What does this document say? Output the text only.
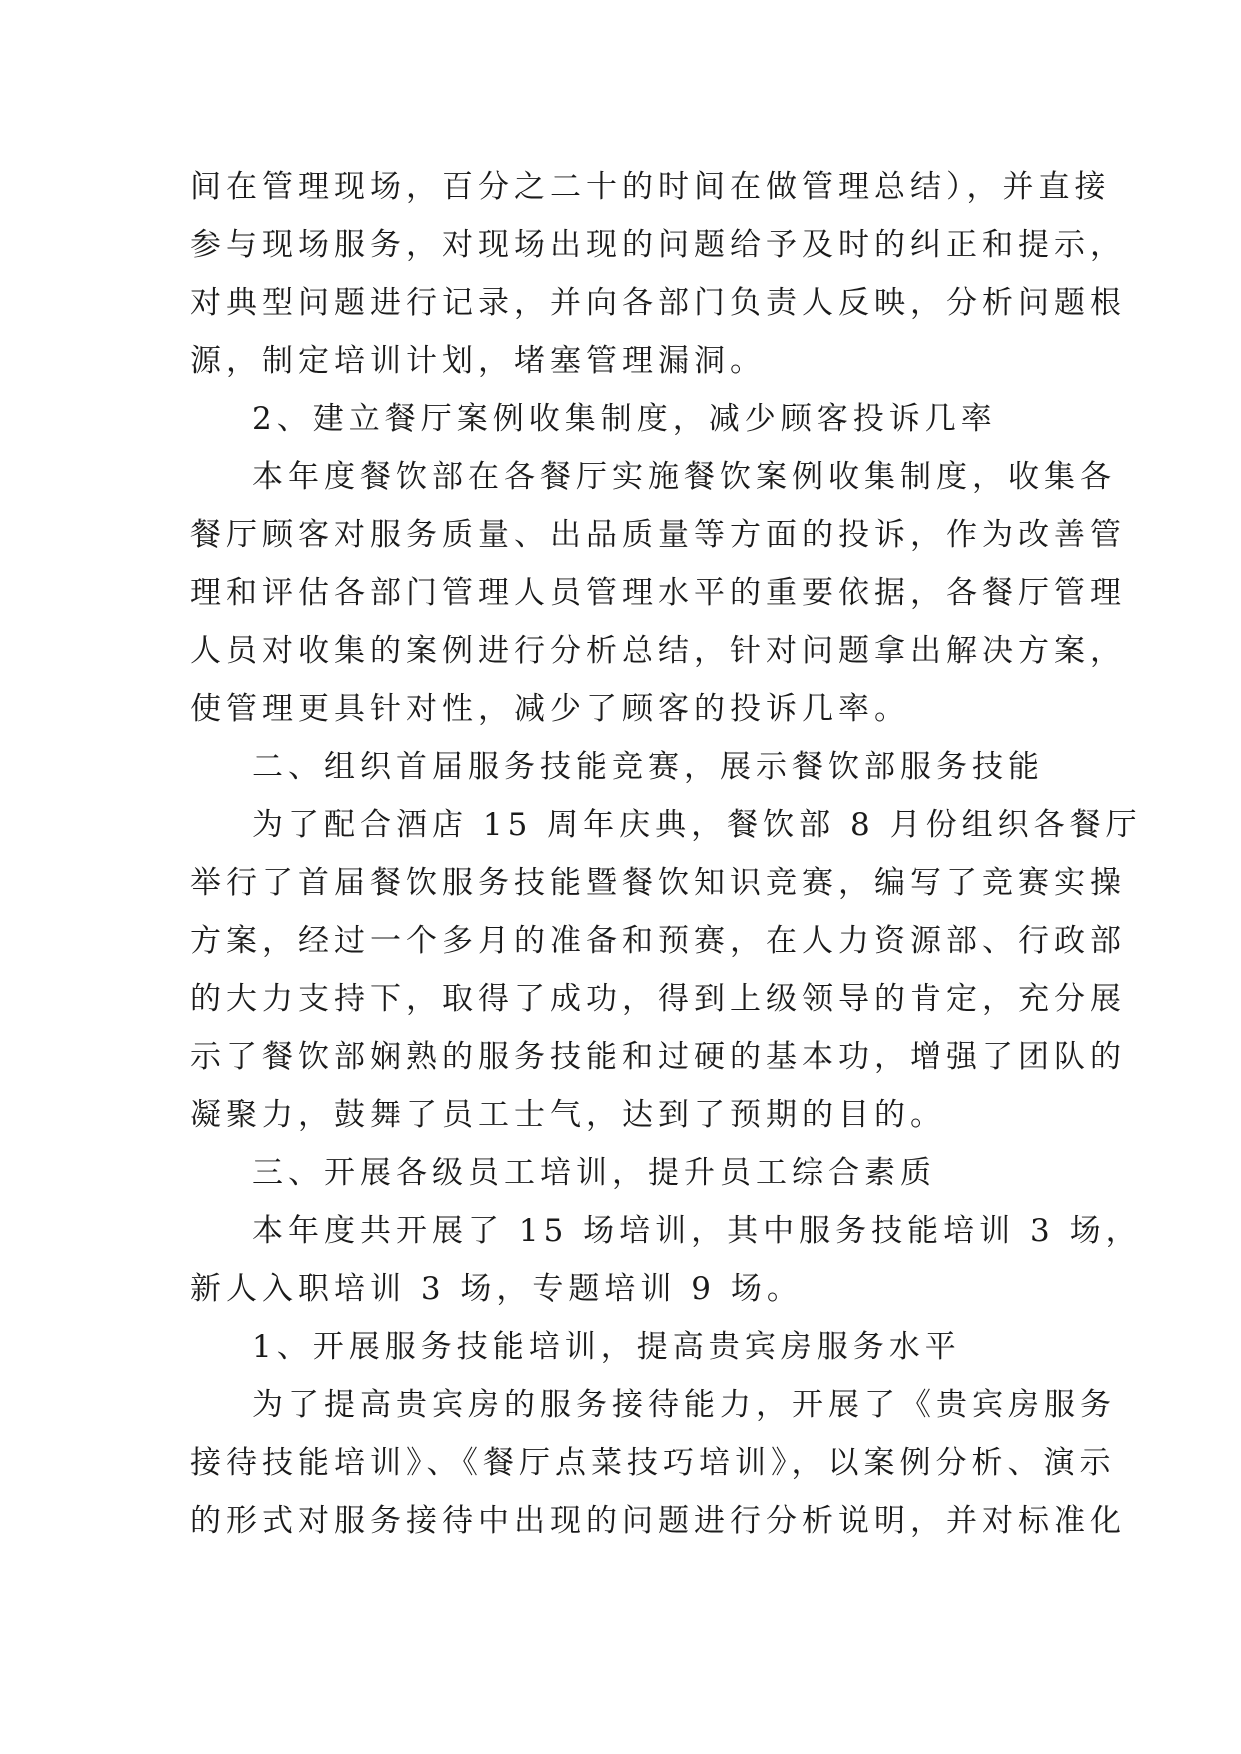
间在管理现场，百分之二十的时间在做管理总结），并直接
参与现场服务，对现场出现的问题给予及时的纠正和提示，
对典型问题进行记录，并向各部门负责人反映，分析问题根
源，制定培训计划，堵塞管理漏洞。
2、建立餐厅案例收集制度，减少顾客投诉几率
本年度餐饮部在各餐厅实施餐饮案例收集制度，收集各
餐厅顾客对服务质量、出品质量等方面的投诉，作为改善管
理和评估各部门管理人员管理水平的重要依据，各餐厅管理
人员对收集的案例进行分析总结，针对问题拿出解决方案，
使管理更具针对性，减少了顾客的投诉几率。
二、组织首届服务技能竞赛，展示餐饮部服务技能
为了配合酒店 15 周年庆典，餐饮部 8 月份组织各餐厅
举行了首届餐饮服务技能暨餐饮知识竞赛，编写了竞赛实操
方案，经过一个多月的准备和预赛，在人力资源部、行政部
的大力支持下，取得了成功，得到上级领导的肯定，充分展
示了餐饮部娴熟的服务技能和过硬的基本功，增强了团队的
凝聚力，鼓舞了员工士气，达到了预期的目的。
三、开展各级员工培训，提升员工综合素质
本年度共开展了 15 场培训，其中服务技能培训 3 场，
新人入职培训 3 场，专题培训 9 场。
1、开展服务技能培训，提高贵宾房服务水平
为了提高贵宾房的服务接待能力，开展了《贵宾房服务
接待技能培训》、《餐厅点菜技巧培训》，以案例分析、演示
的形式对服务接待中出现的问题进行分析说明，并对标准化
